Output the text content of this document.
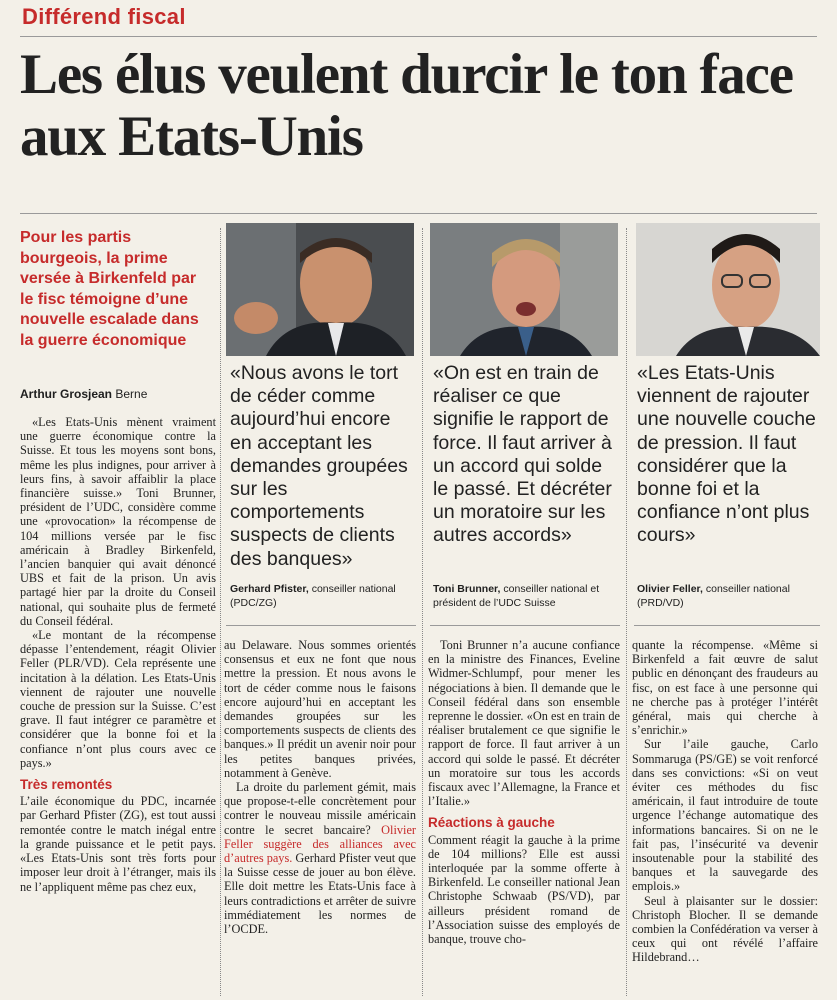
Différend fiscal
Les élus veulent durcir le ton face aux Etats-Unis
Pour les partis bourgeois, la prime versée à Birkenfeld par le fisc témoigne d’une nouvelle escalade dans la guerre économique
Arthur Grosjean Berne
«Nous avons le tort de céder comme aujourd’hui encore en acceptant les demandes groupées sur les comportements suspects de clients des banques»
«On est en train de réaliser ce que signifie le rapport de force. Il faut arriver à un accord qui solde le passé. Et décréter un moratoire sur les autres accords»
«Les Etats-Unis viennent de rajouter une nouvelle couche de pression. Il faut considérer que la bonne foi et la confiance n’ont plus cours»
Gerhard Pfister, conseiller national (PDC/ZG)
Toni Brunner, conseiller national et président de l’UDC Suisse
Olivier Feller, conseiller national (PRD/VD)

«Les Etats-Unis mènent vraiment une guerre économique contre la Suisse. Et tous les moyens sont bons, même les plus indignes, pour arriver à leurs fins, à savoir affaiblir la place financière suisse.» Toni Brunner, président de l’UDC, considère comme une «provocation» la récompense de 104 millions versée par le fisc américain à Bradley Birkenfeld, l’ancien banquier qui avait dénoncé UBS et fait de la prison. Un avis partagé hier par la droite du Conseil national, qui souhaite plus de fermeté du Conseil fédéral.

«Le montant de la récompense dépasse l’entendement, réagit Olivier Feller (PLR/VD). Cela représente une incitation à la délation. Les Etats-Unis viennent de rajouter une nouvelle couche de pression sur la Suisse. C’est grave. Il faut intégrer ce paramètre et considérer que la bonne foi et la confiance n’ont plus cours avec ce pays.»

Très remontés

L’aile économique du PDC, incarnée par Gerhard Pfister (ZG), est tout aussi remontée contre le match inégal entre la grande puissance et le petit pays. «Les Etats-Unis sont très forts pour imposer leur droit à l’étranger, mais ils ne l’appliquent même pas chez eux,

au Delaware. Nous sommes orientés consensus et eux ne font que nous mettre la pression. Et nous avons le tort de céder comme nous le faisons encore aujourd’hui en acceptant les demandes groupées sur les comportements suspects de clients des banques.» Il prédit un avenir noir pour les petites banques privées, notamment à Genève.

La droite du parlement gémit, mais que propose-t-elle concrètement pour contrer le nouveau missile américain contre le secret bancaire? Olivier Feller suggère des alliances avec d’autres pays. Gerhard Pfister veut que la Suisse cesse de jouer au bon élève. Elle doit mettre les Etats-Unis face à leurs contradictions et arrêter de suivre immédiatement les normes de l’OCDE.

Toni Brunner n’a aucune confiance en la ministre des Finances, Eveline Widmer-Schlumpf, pour mener les négociations à bien. Il demande que le Conseil fédéral dans son ensemble reprenne le dossier. «On est en train de réaliser brutalement ce que signifie le rapport de force. Il faut arriver à un accord qui solde le passé. Et décréter un moratoire sur tous les accords fiscaux avec l’Allemagne, la France et l’Italie.»

Réactions à gauche

Comment réagit la gauche à la prime de 104 millions? Elle est aussi interloquée par la somme offerte à Birkenfeld. Le conseiller national Jean Christophe Schwaab (PS/VD), par ailleurs président romand de l’Association suisse des employés de banque, trouve cho-

quante la récompense. «Même si Birkenfeld a fait œuvre de salut public en dénonçant des fraudeurs au fisc, on est face à une personne qui ne cherche pas à protéger l’intérêt général, mais qui cherche à s’enrichir.»

Sur l’aile gauche, Carlo Sommaruga (PS/GE) se voit renforcé dans ses convictions: «Si on veut éviter ces méthodes du fisc américain, il faut introduire de toute urgence l’échange automatique des informations bancaires. Si on ne le fait pas, l’insécurité va devenir insoutenable pour la stabilité des banques et la sauvegarde des emplois.»

Seul à plaisanter sur le dossier: Christoph Blocher. Il se demande combien la Confédération va verser à ceux qui ont révélé l’affaire Hildebrand…
